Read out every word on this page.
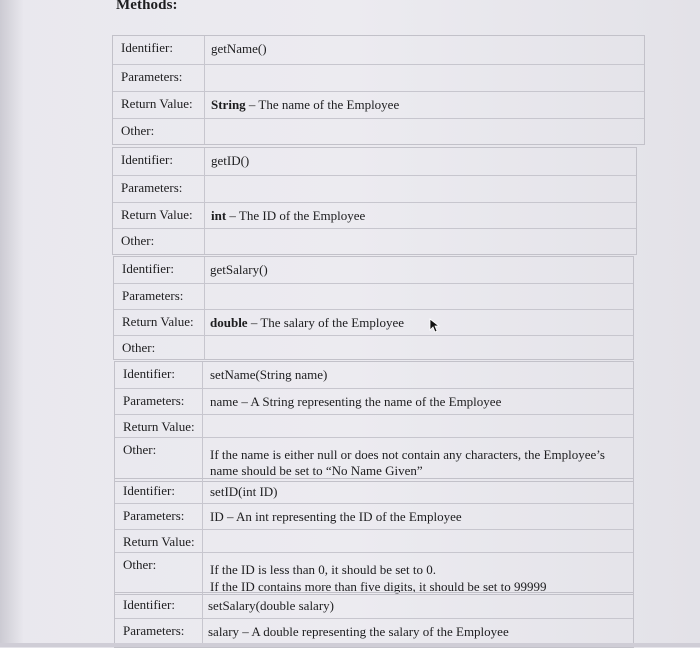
Methods:
Identifier:	getName()
Parameters:
Return Value: String – The name of the Employee
Other:
Identifier:	getID()
Parameters:
Return Value: int – The ID of the Employee
Other:
Identifier:	getSalary()
Parameters:
Return Value: double – The salary of the Employee
Other:
Identifier:	setName(String name)
Parameters: name – A String representing the name of the Employee
Return Value:
Other:	If the name is either null or does not contain any characters, the Employee’s
name should be set to “No Name Given”
Identifier:	setID(int ID)
Parameters: ID – An int representing the ID of the Employee
Return Value:
Other:	If the ID is less than 0, it should be set to 0.
If the ID contains more than five digits, it should be set to 99999
Identifier:	setSalary(double salary)
Parameters: salary – A double representing the salary of the Employee
